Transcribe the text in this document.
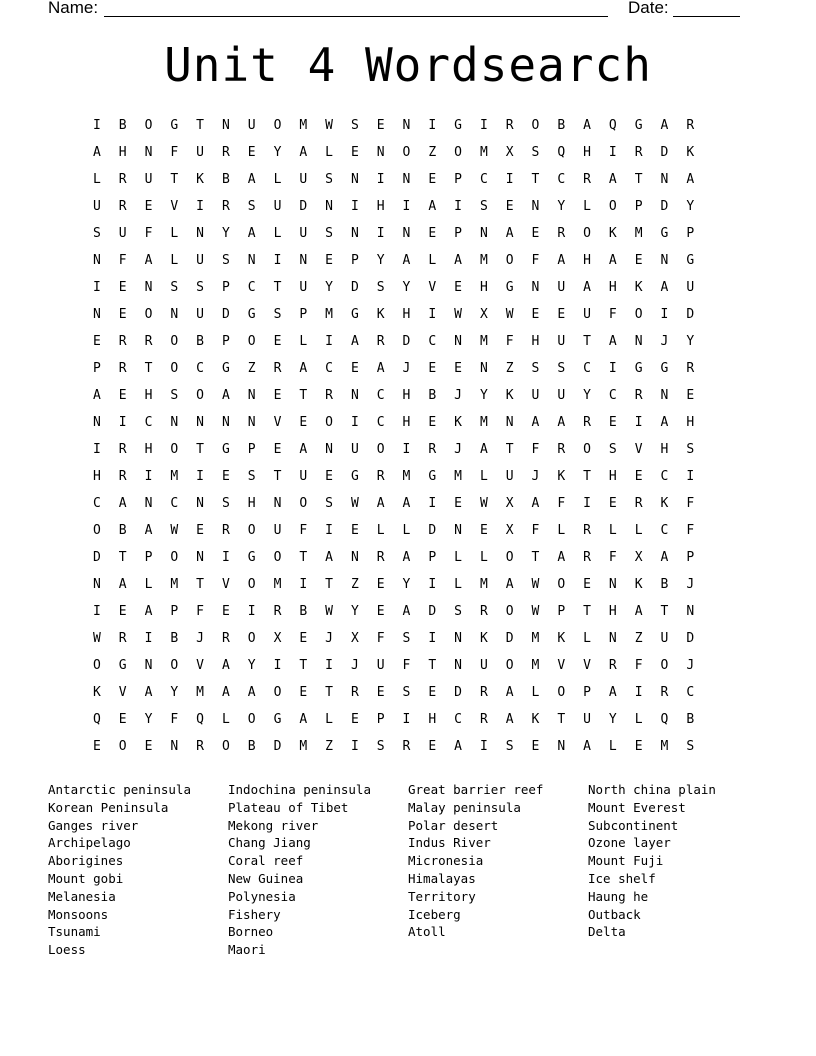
Name:	Date:
Unit 4 Wordsearch
I	B	O	G	T	N	U	O	M	W	S	E	N	I	G	I	R	O	B	A	Q	G	A	R
A	H	N	F	U	R	E	Y	A	L	E	N	O	Z	O	M	X	S	Q	H	I	R	D	K
L	R	U	T	K	B	A	L	U	S	N	I	N	E	P	C	I	T	C	R	A	T	N	A
U	R	E	V	I	R	S	U	D	N	I	H	I	A	I	S	E	N	Y	L	O	P	D	Y
S	U	F	L	N	Y	A	L	U	S	N	I	N	E	P	N	A	E	R	O	K	M	G	P
N	F	A	L	U	S	N	I	N	E	P	Y	A	L	A	M	O	F	A	H	A	E	N	G
I	E	N	S	S	P	C	T	U	Y	D	S	Y	V	E	H	G	N	U	A	H	K	A	U
N	E	O	N	U	D	G	S	P	M	G	K	H	I	W	X	W	E	E	U	F	O	I	D
E	R	R	O	B	P	O	E	L	I	A	R	D	C	N	M	F	H	U	T	A	N	J	Y
P	R	T	O	C	G	Z	R	A	C	E	A	J	E	E	N	Z	S	S	C	I	G	G	R
A	E	H	S	O	A	N	E	T	R	N	C	H	B	J	Y	K	U	U	Y	C	R	N	E
N	I	C	N	N	N	N	V	E	O	I	C	H	E	K	M	N	A	A	R	E	I	A	H
I	R	H	O	T	G	P	E	A	N	U	O	I	R	J	A	T	F	R	O	S	V	H	S
H	R	I	M	I	E	S	T	U	E	G	R	M	G	M	L	U	J	K	T	H	E	C	I
C	A	N	C	N	S	H	N	O	S	W	A	A	I	E	W	X	A	F	I	E	R	K	F
O	B	A	W	E	R	O	U	F	I	E	L	L	D	N	E	X	F	L	R	L	L	C	F
D	T	P	O	N	I	G	O	T	A	N	R	A	P	L	L	O	T	A	R	F	X	A	P
N	A	L	M	T	V	O	M	I	T	Z	E	Y	I	L	M	A	W	O	E	N	K	B	J
I	E	A	P	F	E	I	R	B	W	Y	E	A	D	S	R	O	W	P	T	H	A	T	N
W	R	I	B	J	R	O	X	E	J	X	F	S	I	N	K	D	M	K	L	N	Z	U	D
O	G	N	O	V	A	Y	I	T	I	J	U	F	T	N	U	O	M	V	V	R	F	O	J
K	V	A	Y	M	A	A	O	E	T	R	E	S	E	D	R	A	L	O	P	A	I	R	C
Q	E	Y	F	Q	L	O	G	A	L	E	P	I	H	C	R	A	K	T	U	Y	L	Q	B
E	O	E	N	R	O	B	D	M	Z	I	S	R	E	A	I	S	E	N	A	L	E	M	S
Antarctic peninsula
Korean Peninsula
Ganges river
Archipelago
Aborigines
Mount gobi
Melanesia
Monsoons
Tsunami
Loess
Indochina peninsula
Plateau of Tibet
Mekong river
Chang Jiang
Coral reef
New Guinea
Polynesia
Fishery
Borneo
Maori
Great barrier reef
Malay peninsula
Polar desert
Indus River
Micronesia
Himalayas
Territory
Iceberg
Atoll
North china plain
Mount Everest
Subcontinent
Ozone layer
Mount Fuji
Ice shelf
Haung he
Outback
Delta
